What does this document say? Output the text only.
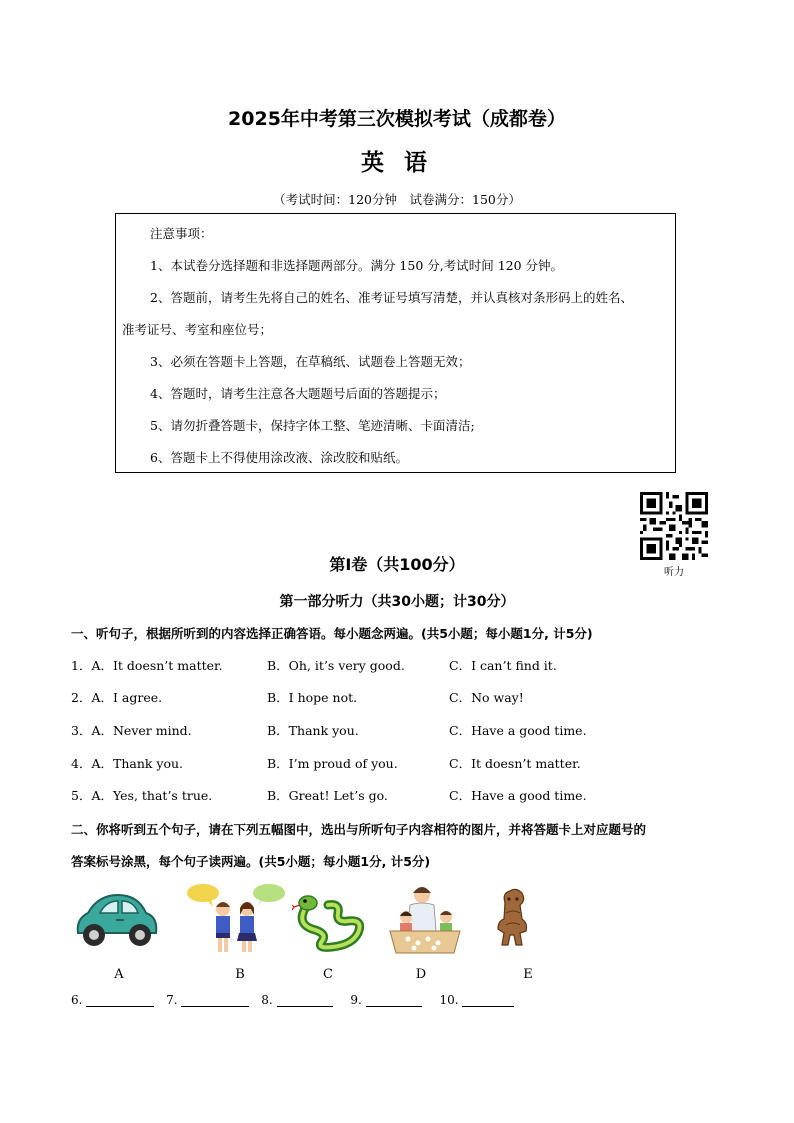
2025年中考第三次模拟考试（成都卷）
英 语
（考试时间：120分钟　试卷满分：150分）
注意事项：
1、本试卷分选择题和非选择题两部分。满分 150 分,考试时间 120 分钟。
2、答题前，请考生先将自己的姓名、准考证号填写清楚，并认真核对条形码上的姓名、
准考证号、考室和座位号；
3、必须在答题卡上答题，在草稿纸、试题卷上答题无效；
4、答题时，请考生注意各大题题号后面的答题提示；
5、请勿折叠答题卡，保持字体工整、笔迹清晰、卡面清洁;
6、答题卡上不得使用涂改液、涂改胶和贴纸。
听力
第I卷（共100分）
第一部分听力（共30小题；计30分）
一、听句子，根据所听到的内容选择正确答语。每小题念两遍。(共5小题；每小题1分, 计5分)
1．A．It doesn’t matter.	B．Oh, it’s very good.	C．I can’t find it.
2．A．I agree.	B．I hope not.	C．No way!
3．A．Never mind.	B．Thank you.	C．Have a good time.
4．A．Thank you.	B．I’m proud of you.	C．It doesn’t matter.
5．A．Yes, that’s true.	B．Great! Let’s go.	C．Have a good time.
二、你将听到五个句子，请在下列五幅图中，选出与所听句子内容相符的图片，并将答题卡上对应题号的
答案标号涂黑，每个句子读两遍。(共5小题；每小题1分, 计5分)
A	B	C	D	E
6.	7.	8.	9.	10.
